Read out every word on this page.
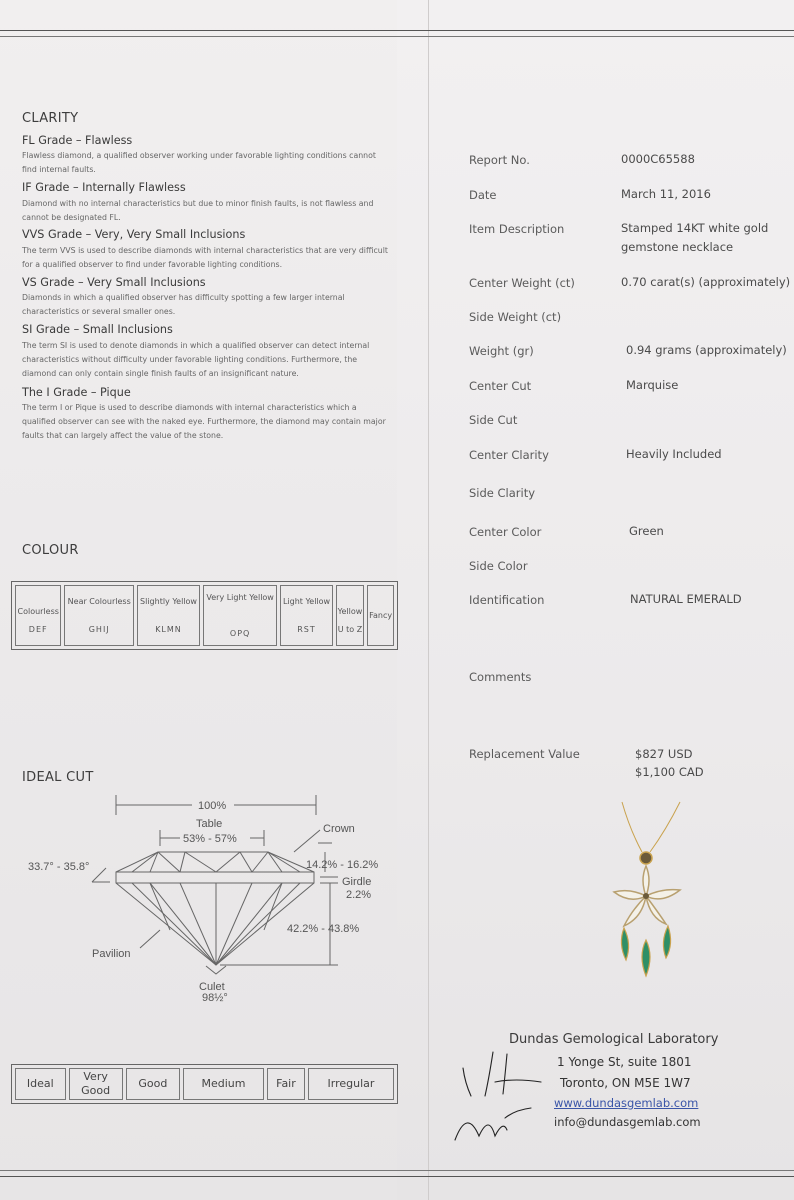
CLARITY
FL Grade – Flawless
Flawless diamond, a qualified observer working under favorable lighting conditions cannot find internal faults.
IF Grade – Internally Flawless
Diamond with no internal characteristics but due to minor finish faults, is not flawless and cannot be designated FL.
VVS Grade – Very, Very Small Inclusions
The term VVS is used to describe diamonds with internal characteristics that are very difficult for a qualified observer to find under favorable lighting conditions.
VS Grade – Very Small Inclusions
Diamonds in which a qualified observer has difficulty spotting a few larger internal characteristics or several smaller ones.
SI Grade – Small Inclusions
The term SI is used to denote diamonds in which a qualified observer can detect internal characteristics without difficulty under favorable lighting conditions. Furthermore, the diamond can only contain single finish faults of an insignificant nature.
The I Grade – Pique
The term I or Pique is used to describe diamonds with internal characteristics which a qualified observer can see with the naked eye. Furthermore, the diamond may contain major faults that can largely affect the value of the stone.
COLOUR
Colourless
DEF

Near Colourless
GHIJ

Slightly Yellow
KLMN

Very Light Yellow
OPQ

Light Yellow
RST

Yellow
U to Z
	Fancy
IDEAL CUT
100%
Table
53% - 57%
Crown
33.7° - 35.8°	14.2% - 16.2%
Girdle
2.2%
42.2% - 43.8%
Pavilion
Culet
98½°
Ideal	Very Good	Good	Medium	Fair	Irregular
Report No.	0000C65588
Date	March 11, 2016
Item Description	Stamped 14KT white gold gemstone necklace
Center Weight (ct)	0.70 carat(s) (approximately)
Side Weight (ct)
Weight (gr)	0.94 grams (approximately)
Center Cut	Marquise
Side Cut
Center Clarity	Heavily Included
Side Clarity
Center Color	Green
Side Color
Identification	NATURAL EMERALD
Comments
Replacement Value	$827 USD
$1,100 CAD
Dundas Gemological Laboratory
1 Yonge St, suite 1801
Toronto, ON M5E 1W7
www.dundasgemlab.com
info@dundasgemlab.com
